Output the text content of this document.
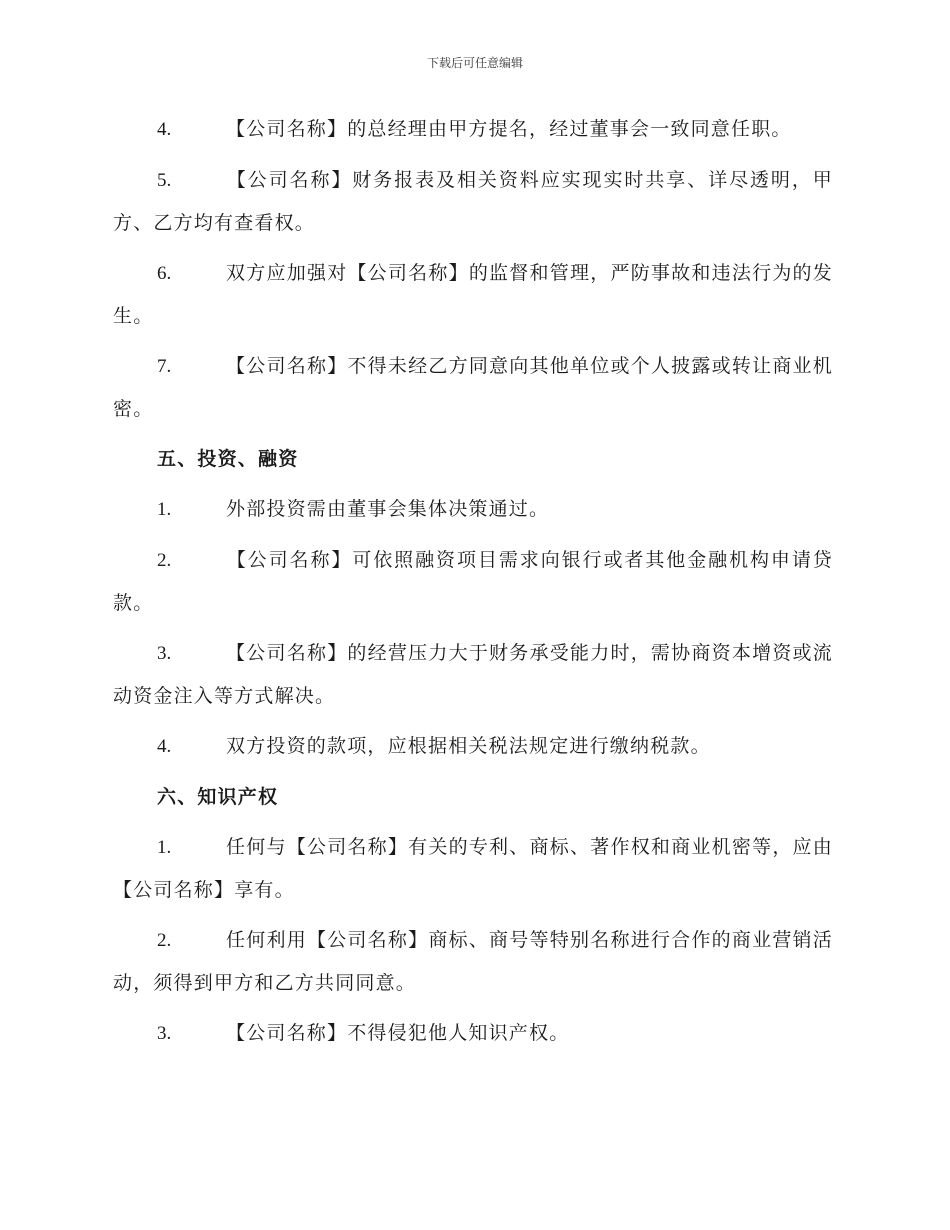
下载后可任意编辑

4.	【公司名称】的总经理由甲方提名，经过董事会一致同意任职。

5.	【公司名称】财务报表及相关资料应实现实时共享、详尽透明，甲方、乙方均有查看权。

6.	双方应加强对【公司名称】的监督和管理，严防事故和违法行为的发生。

7.	【公司名称】不得未经乙方同意向其他单位或个人披露或转让商业机密。

五、投资、融资

1.	外部投资需由董事会集体决策通过。

2.	【公司名称】可依照融资项目需求向银行或者其他金融机构申请贷款。

3.	【公司名称】的经营压力大于财务承受能力时，需协商资本增资或流动资金注入等方式解决。

4.	双方投资的款项，应根据相关税法规定进行缴纳税款。

六、知识产权

1.	任何与【公司名称】有关的专利、商标、著作权和商业机密等，应由【公司名称】享有。

2.	任何利用【公司名称】商标、商号等特别名称进行合作的商业营销活动，须得到甲方和乙方共同同意。

3.	【公司名称】不得侵犯他人知识产权。
